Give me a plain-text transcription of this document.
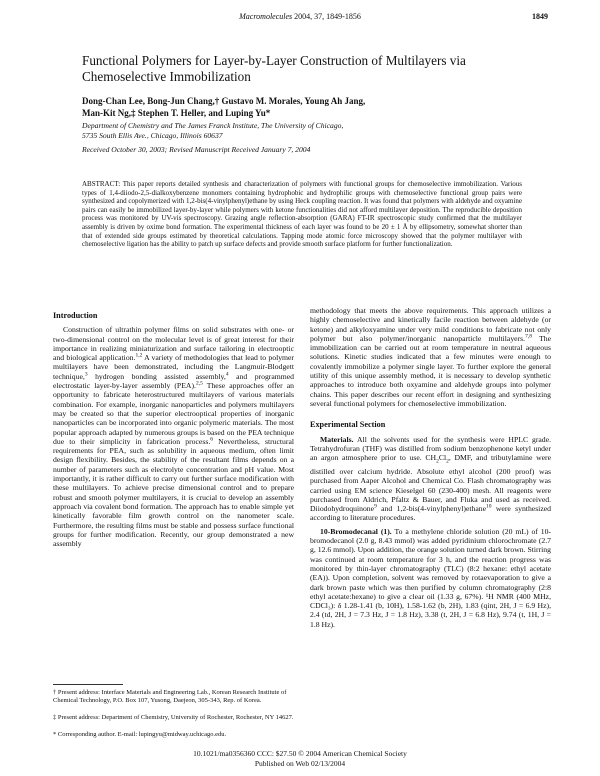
Macromolecules 2004, 37, 1849-1856	1849
Functional Polymers for Layer-by-Layer Construction of Multilayers via
Chemoselective Immobilization
Dong-Chan Lee, Bong-Jun Chang,† Gustavo M. Morales, Young Ah Jang,
Man-Kit Ng,‡ Stephen T. Heller, and Luping Yu*
Department of Chemistry and The James Franck Institute, The University of Chicago,
5735 South Ellis Ave., Chicago, Illinois 60637
Received October 30, 2003; Revised Manuscript Received January 7, 2004
ABSTRACT: This paper reports detailed synthesis and characterization of polymers with functional groups for chemoselective immobilization. Various types of 1,4-diiodo-2,5-dialkoxybenzene monomers containing hydrophobic and hydrophilic groups with chemoselective functional group pairs were synthesized and copolymerized with 1,2-bis(4-vinylphenyl)ethane by using Heck coupling reaction. It was found that polymers with aldehyde and oxyamine pairs can easily be immobilized layer-by-layer while polymers with ketone functionalities did not afford multilayer deposition. The reproducible deposition process was monitored by UV-vis spectroscopy. Grazing angle reflection-absorption (GARA) FT-IR spectroscopic study confirmed that the multilayer assembly is driven by oxime bond formation. The experimental thickness of each layer was found to be 20 ± 1 Å by ellipsometry, somewhat shorter than that of extended side groups estimated by theoretical calculations. Tapping mode atomic force microscopy showed that the polymer multilayer with chemoselective ligation has the ability to patch up surface defects and provide smooth surface platform for further functionalization.
Introduction

Construction of ultrathin polymer films on solid substrates with one- or two-dimensional control on the molecular level is of great interest for their importance in realizing miniaturization and surface tailoring in electrooptic and biological application.$^{1,2}$ A variety of methodologies that lead to polymer multilayers have been demonstrated, including the Langmuir-Blodgett technique,$^3$ hydrogen bonding assisted assembly,$^4$ and programmed electrostatic layer-by-layer assembly (PEA).$^{2,5}$ These approaches offer an opportunity to fabricate heterostructured multilayers of various materials combination. For example, inorganic nanoparticles and polymers multilayers may be created so that the superior electrooptical properties of inorganic nanoparticles can be incorporated into organic polymeric materials. The most popular approach adapted by numerous groups is based on the PEA technique due to their simplicity in fabrication process.$^6$ Nevertheless, structural requirements for PEA, such as solubility in aqueous medium, often limit design flexibility. Besides, the stability of the resultant films depends on a number of parameters such as electrolyte concentration and pH value. Most importantly, it is rather difficult to carry out further surface modification with these multilayers. To achieve precise dimensional control and to prepare robust and smooth polymer multilayers, it is crucial to develop an assembly approach via covalent bond formation. The approach has to enable simple yet kinetically favorable film growth control on the nanometer scale. Furthermore, the resulting films must be stable and possess surface functional groups for further modification. Recently, our group demonstrated a new assembly

methodology that meets the above requirements. This approach utilizes a highly chemoselective and kinetically facile reaction between aldehyde (or ketone) and alkyloxyamine under very mild conditions to fabricate not only polymer but also polymer/inorganic nanoparticle multilayers.$^{7,8}$ The immobilization can be carried out at room temperature in neutral aqueous solutions. Kinetic studies indicated that a few minutes were enough to covalently immobilize a polymer single layer. To further explore the general utility of this unique assembly method, it is necessary to develop synthetic approaches to introduce both oxyamine and aldehyde groups into polymer chains. This paper describes our recent effort in designing and synthesizing several functional polymers for chemoselective immobilization.

Experimental Section

Materials. All the solvents used for the synthesis were HPLC grade. Tetrahydrofuran (THF) was distilled from sodium benzophenone ketyl under an argon atmosphere prior to use. $CH_2Cl_2$, DMF, and tributylamine were distilled over calcium hydride. Absolute ethyl alcohol (200 proof) was purchased from Aaper Alcohol and Chemical Co. Flash chromatography was carried using EM science Kieselgel 60 (230-400) mesh. All reagents were purchased from Aldrich, Pfaltz & Bauer, and Fluka and used as received. Diiodohydroquinone$^9$ and 1,2-bis(4-vinylphenyl)ethane$^{10}$ were synthesized according to literature procedures.

10-Bromodecanal (1). To a methylene chloride solution (20 mL) of 10-bromodecanol (2.0 g, 8.43 mmol) was added pyridinium chlorochromate (2.7 g, 12.6 mmol). Upon addition, the orange solution turned dark brown. Stirring was continued at room temperature for 3 h, and the reaction progress was monitored by thin-layer chromatography (TLC) (8:2 hexane: ethyl acetate (EA)). Upon completion, solvent was removed by rotaevaporation to give a dark brown paste which was then purified by column chromatography (2:8 ethyl acetate:hexane) to give a clear oil (1.33 g, 67%). ¹H NMR (400 MHz, CDCl₃): δ 1.28-1.41 (b, 10H), 1.58-1.62 (b, 2H), 1.83 (qint, 2H, J = 6.9 Hz), 2.4 (td, 2H, J = 7.3 Hz, J = 1.8 Hz), 3.38 (t, 2H, J = 6.8 Hz), 9.74 (t, 1H, J = 1.8 Hz).

† Present address: Interface Materials and Engineering Lab., Korean Research Institute of Chemical Technology, P.O. Box 107, Yusong, Daejeon, 305-343, Rep. of Korea.
‡ Present address: Department of Chemistry, University of Rochester, Rochester, NY 14627.
* Corresponding author. E-mail: lupingyu@midway.uchicago.edu.
10.1021/ma0356360 CCC: $27.50 © 2004 American Chemical Society
Published on Web 02/13/2004
